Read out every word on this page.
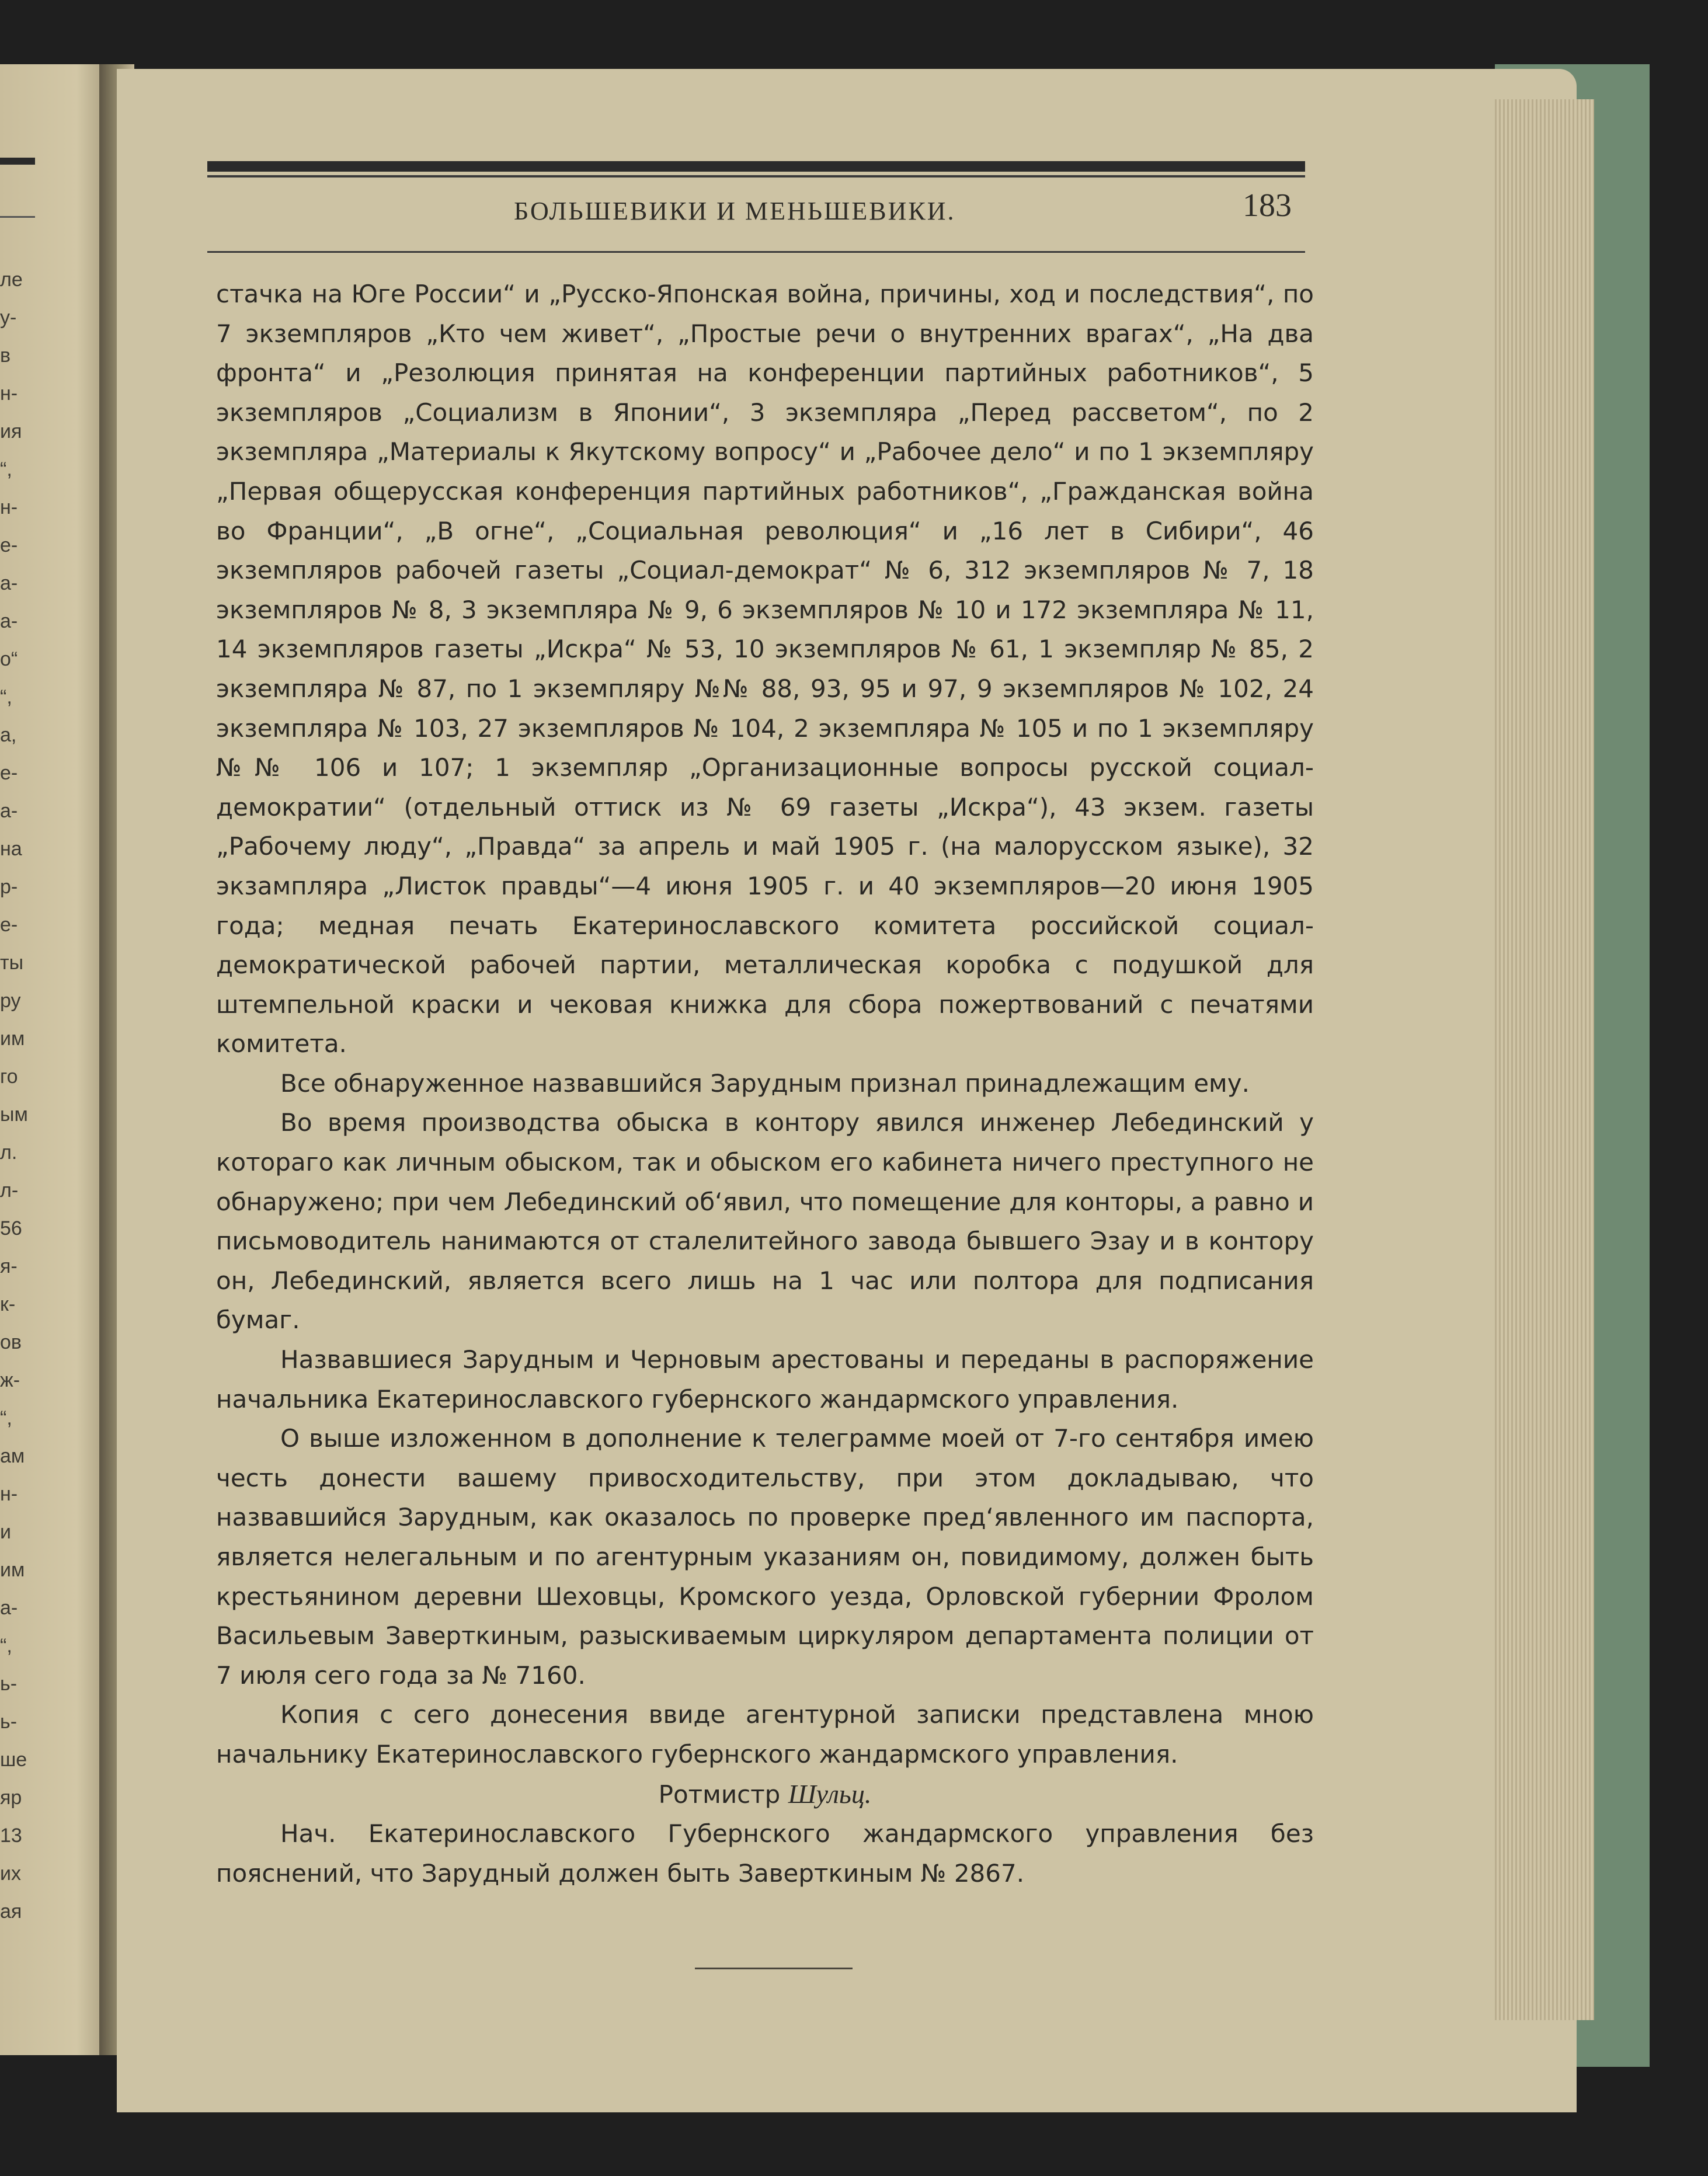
ле
у-
в
н-
ия
“,
н-
е-
а-
а-
о“
“,
а,
е-
а-
на
р-
е-
ты
ру
им
го
ым
л.
л-
56
я-
к-
ов
ж-
“,
ам
н-
и
им
а-
“,
ь-
ь-
ше
яр
13
их
ая
БОЛЬШЕВИКИ И МЕНЬШЕВИКИ.	183

стачка на Юге России“ и „Русско-Японская война, причины, ход и последствия“, по 7 экземпляров „Кто чем живет“, „Простые речи о внутренних врагах“, „На два фронта“ и „Резолюция принятая на конференции партийных работников“, 5 экземпляров „Социализм в Японии“, 3 экземпляра „Перед рассветом“, по 2 экземпляра „Материалы к Якутскому вопросу“ и „Рабочее дело“ и по 1 экземпляру „Первая общерусская конференция партийных работников“, „Гражданская война во Франции“, „В огне“, „Социальная революция“ и „16 лет в Сибири“, 46 экземпляров рабочей газеты „Социал-демократ“ № 6, 312 экземпляров № 7, 18 экземпляров № 8, 3 экземпляра № 9, 6 экземпляров № 10 и 172 экземпляра № 11, 14 экземпляров газеты „Искра“ № 53, 10 экземпляров № 61, 1 экземпляр № 85, 2 экземпляра № 87, по 1 экземпляру №№ 88, 93, 95 и 97, 9 экземпляров № 102, 24 экземпляра № 103, 27 экземпляров № 104, 2 экземпляра № 105 и по 1 экземпляру №№ 106 и 107; 1 экземпляр „Организационные вопросы русской социал-демократии“ (отдельный оттиск из № 69 газеты „Искра“), 43 экзем. газеты „Рабочему люду“, „Правда“ за апрель и май 1905 г. (на малорусском языке), 32 экзампляра „Листок правды“—4 июня 1905 г. и 40 экземпляров—20 июня 1905 года; медная печать Екатеринославского комитета российской социал-демократической рабочей партии, металлическая коробка с подушкой для штемпельной краски и чековая книжка для сбора пожертвований с печатями комитета.

Все обнаруженное назвавшийся Зарудным признал принадлежащим ему.

Во время производства обыска в контору явился инженер Лебединский у котораго как личным обыском, так и обыском его кабинета ничего преступного не обнаружено; при чем Лебединский об‘явил, что помещение для конторы, а равно и письмоводитель нанимаются от сталелитейного завода бывшего Эзау и в контору он, Лебединский, является всего лишь на 1 час или полтора для подписания бумаг.

Назвавшиеся Зарудным и Черновым арестованы и переданы в распоряжение начальника Екатеринославского губернского жандармского управления.

О выше изложенном в дополнение к телеграмме моей от 7-го сентября имею честь донести вашему привосходительству, при этом докладываю, что назвавшийся Зарудным, как оказалось по проверке пред‘явленного им паспорта, является нелегальным и по агентурным указаниям он, повидимому, должен быть крестьянином деревни Шеховцы, Кромского уезда, Орловской губернии Фролом Васильевым Заверткиным, разыскиваемым циркуляром департамента полиции от 7 июля сего года за № 7160.

Копия с сего донесения ввиде агентурной записки представлена мною начальнику Екатеринославского губернского жандармского управления.

Ротмистр Шульц.

Нач. Екатеринославского Губернского жандармского управления без пояснений, что Зарудный должен быть Заверткиным № 2867.
